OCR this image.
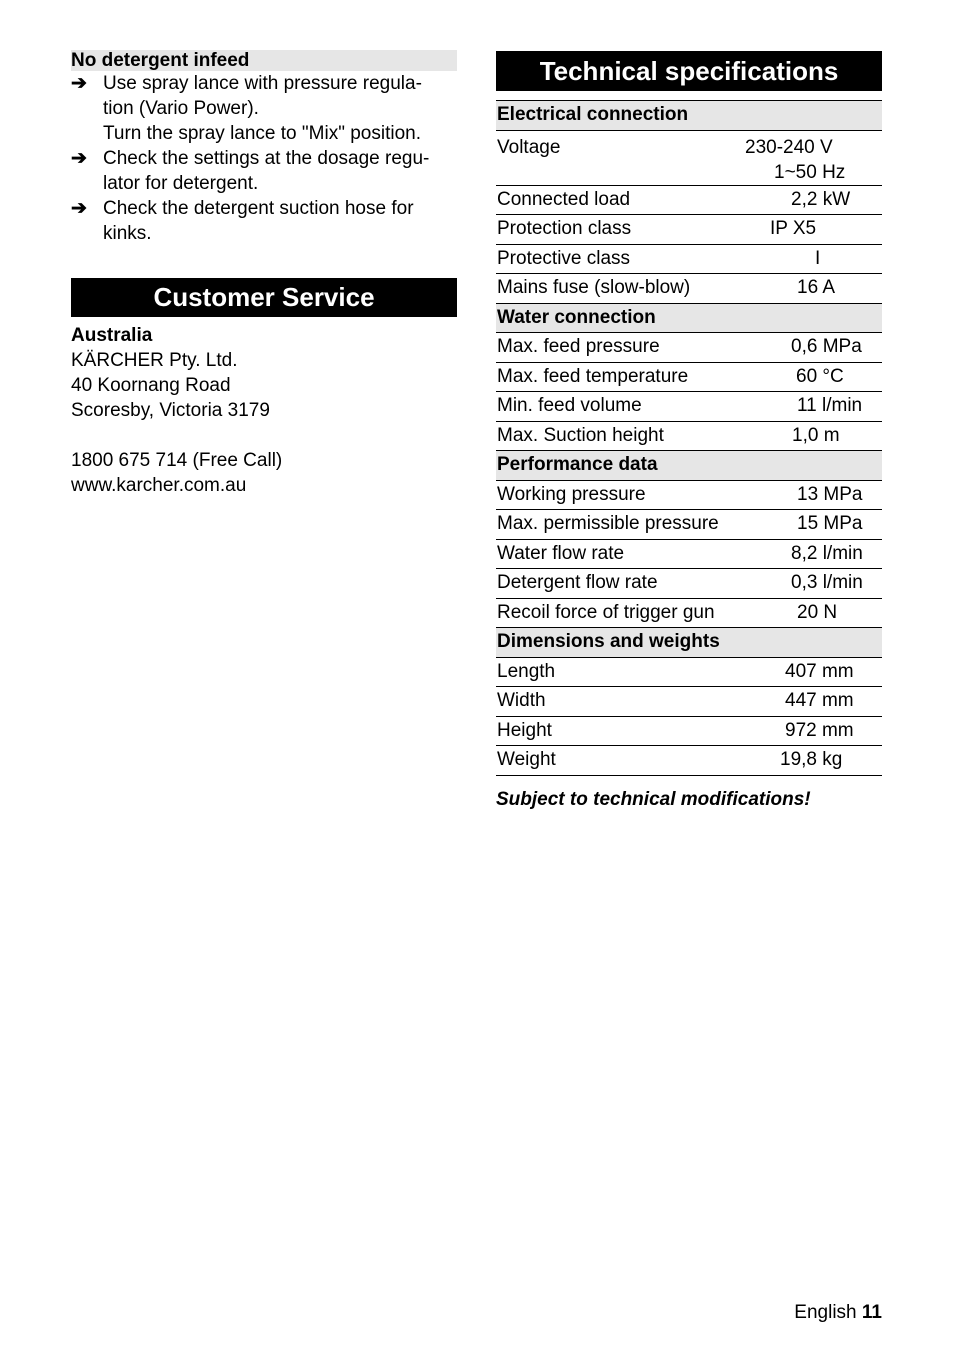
No detergent infeed
➔ Use spray lance with pressure regula-
tion (Vario Power).
Turn the spray lance to "Mix" position.
➔ Check the settings at the dosage regu-
lator for detergent.
➔ Check the detergent suction hose for
kinks.
Customer Service
Australia
KÄRCHER Pty. Ltd.
40 Koornang Road
Scoresby, Victoria 3179
1800 675 714 (Free Call)
www.karcher.com.au
Technical specifications
Electrical connection	
Voltage	230-240 V
1~50 Hz

Connected load	2,2 kW
Protection class	IP X5
Protective class	I
Mains fuse (slow-blow)	16 A
Water connection	
Max. feed pressure	0,6 MPa
Max. feed temperature	60 °C
Min. feed volume	11 l/min
Max. Suction height	1,0 m
Performance data	
Working pressure	13 MPa
Max. permissible pressure	15 MPa
Water flow rate	8,2 l/min
Detergent flow rate	0,3 l/min
Recoil force of trigger gun	20 N
Dimensions and weights	
Length	407 mm
Width	447 mm
Height	972 mm
Weight	19,8 kg
Subject to technical modifications!
English 11
